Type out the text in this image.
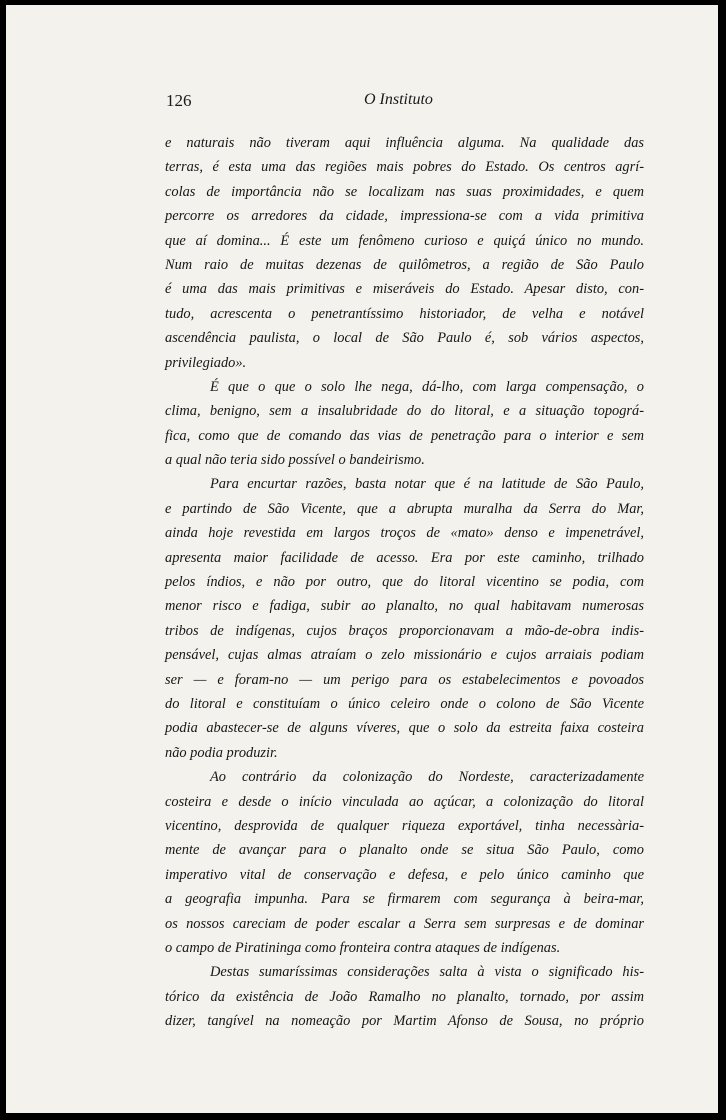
126	O Instituto
e naturais não tiveram aqui influência alguma. Na qualidade das
terras, é esta uma das regiões mais pobres do Estado. Os centros agrí-
colas de importância não se localizam nas suas proximidades, e quem
percorre os arredores da cidade, impressiona-se com a vida primitiva
que aí domina... É este um fenômeno curioso e quiçá único no mundo.
Num raio de muitas dezenas de quilômetros, a região de São Paulo
é uma das mais primitivas e miseráveis do Estado. Apesar disto, con-
tudo, acrescenta o penetrantíssimo historiador, de velha e notável
ascendência paulista, o local de São Paulo é, sob vários aspectos,
privilegiado».
É que o que o solo lhe nega, dá-lho, com larga compensação, o
clima, benigno, sem a insalubridade do do litoral, e a situação topográ-
fica, como que de comando das vias de penetração para o interior e sem
a qual não teria sido possível o bandeirismo.
Para encurtar razões, basta notar que é na latitude de São Paulo,
e partindo de São Vicente, que a abrupta muralha da Serra do Mar,
ainda hoje revestida em largos troços de «mato» denso e impenetrável,
apresenta maior facilidade de acesso. Era por este caminho, trilhado
pelos índios, e não por outro, que do litoral vicentino se podia, com
menor risco e fadiga, subir ao planalto, no qual habitavam numerosas
tribos de indígenas, cujos braços proporcionavam a mão-de-obra indis-
pensável, cujas almas atraíam o zelo missionário e cujos arraiais podiam
ser — e foram-no — um perigo para os estabelecimentos e povoados
do litoral e constituíam o único celeiro onde o colono de São Vicente
podia abastecer-se de alguns víveres, que o solo da estreita faixa costeira
não podia produzir.
Ao contrário da colonização do Nordeste, caracterizadamente
costeira e desde o início vinculada ao açúcar, a colonização do litoral
vicentino, desprovida de qualquer riqueza exportável, tinha necessària-
mente de avançar para o planalto onde se situa São Paulo, como
imperativo vital de conservação e defesa, e pelo único caminho que
a geografia impunha. Para se firmarem com segurança à beira-mar,
os nossos careciam de poder escalar a Serra sem surpresas e de dominar
o campo de Piratininga como fronteira contra ataques de indígenas.
Destas sumaríssimas considerações salta à vista o significado his-
tórico da existência de João Ramalho no planalto, tornado, por assim
dizer, tangível na nomeação por Martim Afonso de Sousa, no próprio
